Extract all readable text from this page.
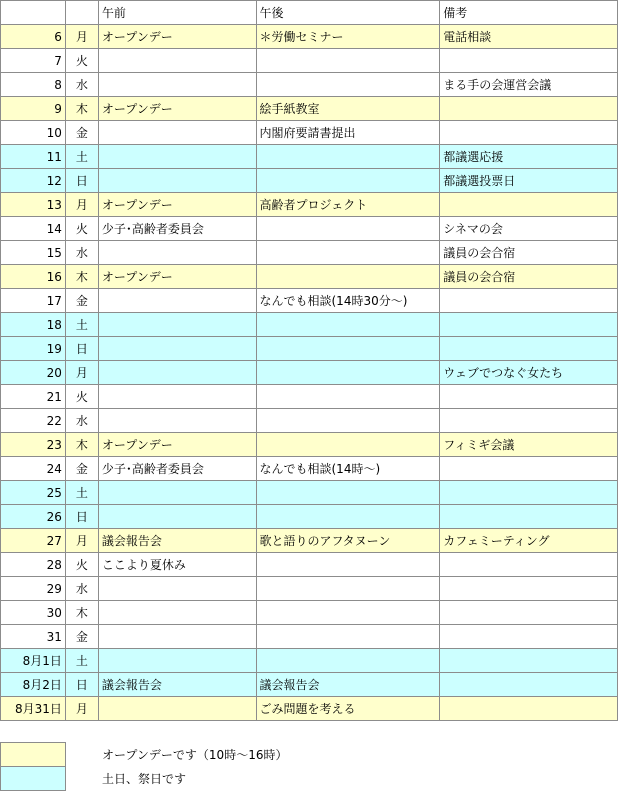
		午前	午後	備考
6	月	オープンデー	＊労働セミナー	電話相談
7	火			
8	水			まる手の会運営会議
9	木	オープンデー	絵手紙教室	
10	金		内閣府要請書提出	
11	土			都議選応援
12	日			都議選投票日
13	月	オープンデー	高齢者プロジェクト	
14	火	少子･高齢者委員会		シネマの会
15	水			議員の会合宿
16	木	オープンデー		議員の会合宿
17	金		なんでも相談(14時30分～)	
18	土			
19	日			
20	月			ウェブでつなぐ女たち
21	火			
22	水			
23	木	オープンデー		フィミギ会議
24	金	少子･高齢者委員会	なんでも相談(14時～)	
25	土			
26	日			
27	月	議会報告会	歌と語りのアフタヌーン	カフェミーティング
28	火	ここより夏休み		
29	水			
30	木			
31	金			
8月1日	土			
8月2日	日	議会報告会	議会報告会	
8月31日	月		ごみ問題を考える	
	オープンデーです（10時～16時）
	土日、祭日です
